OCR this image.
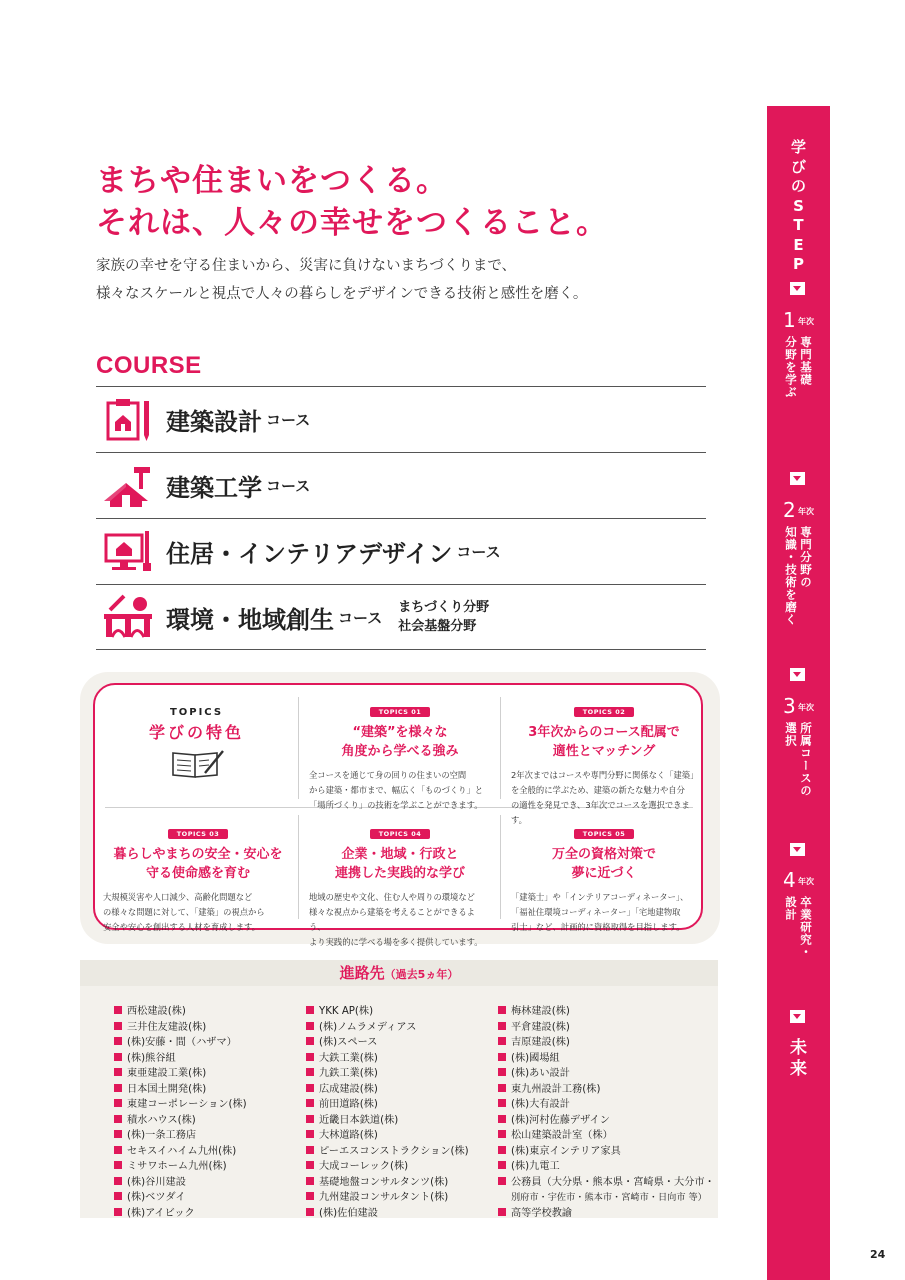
まちや住まいをつくる。
それは、人々の幸せをつくること。
家族の幸せを守る住まいから、災害に負けないまちづくりまで、
様々なスケールと視点で人々の暮らしをデザインできる技術と感性を磨く。
COURSE
建築設計 コース
建築工学 コース
住居・インテリアデザイン コース
環境・地域創生 コース
まちづくり分野
社会基盤分野
TOPICS
学びの特色
TOPICS 01
“建築”を様々な
角度から学べる強み
全コースを通じて身の回りの住まいの空間
から建築・都市まで、幅広く「ものづくり」と
「場所づくり」の技術を学ぶことができます。
TOPICS 02
3年次からのコース配属で
適性とマッチング
2年次まではコースや専門分野に関係なく「建築」
を全般的に学ぶため、建築の新たな魅力や自分
の適性を発見でき、3年次でコースを選択できます。
TOPICS 03
暮らしやまちの安全・安心を
守る使命感を育む
大規模災害や人口減少、高齢化問題など
の様々な問題に対して、「建築」の視点から
安全や安心を創出する人材を育成します。
TOPICS 04
企業・地域・行政と
連携した実践的な学び
地域の歴史や文化、住む人や周りの環境など
様々な視点から建築を考えることができるよう、
より実践的に学べる場を多く提供しています。
TOPICS 05
万全の資格対策で
夢に近づく
「建築士」や「インテリアコーディネーター」、
「福祉住環境コーディネーター」「宅地建物取
引士」など、計画的に資格取得を目指します。
進路先（過去5ヵ年）
西松建設(株)
三井住友建設(株)
(株)安藤・間（ハザマ）
(株)熊谷組
東亜建設工業(株)
日本国土開発(株)
東建コーポレーション(株)
積水ハウス(株)
(株)一条工務店
セキスイハイム九州(株)
ミサワホーム九州(株)
(株)谷川建設
(株)ベツダイ
(株)アイビック
YKK AP(株)
(株)ノムラメディアス
(株)スペース
大鉄工業(株)
九鉄工業(株)
広成建設(株)
前田道路(株)
近畿日本鉄道(株)
大林道路(株)
ピーエスコンストラクション(株)
大成コーレック(株)
基礎地盤コンサルタンツ(株)
九州建設コンサルタント(株)
(株)佐伯建設
梅林建設(株)
平倉建設(株)
吉原建設(株)
(株)國場組
(株)あい設計
東九州設計工務(株)
(株)大有設計
(株)河村佐藤デザイン
松山建築設計室（株）
(株)東京インテリア家具
(株)九電工
公務員（大分県・熊本県・宮崎県・大分市・
別府市・宇佐市・熊本市・宮崎市・日向市 等）
高等学校教諭
学
び
の
S
T
E
P
1 年次
専門基礎
分野を学ぶ
2 年次
専門分野の
知識・技術を磨く
3 年次
所属コースの
選択
4 年次
卒業研究・
設計
未
来
24
